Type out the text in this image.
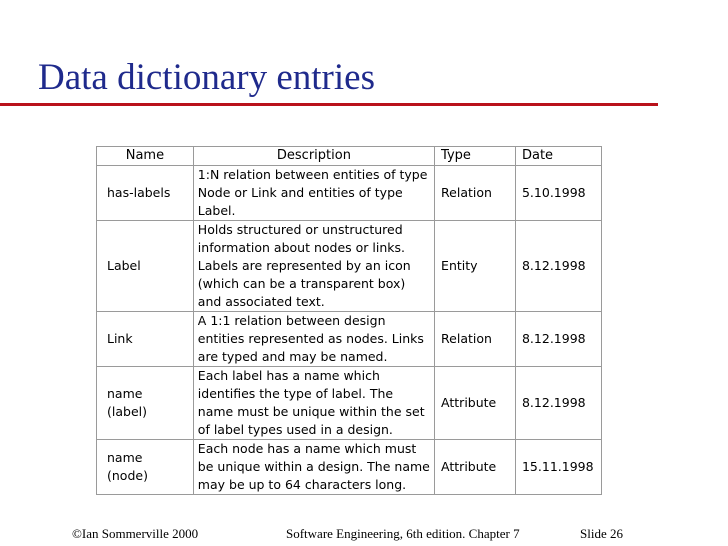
Data dictionary entries
Name	Description	Type	Date

has-labels	1:N relation between entities of type Node or Link and entities of type Label.	Relation	5.10.1998

Label	Holds structured or unstructured information about nodes or links. Labels are represented by an icon (which can be a transparent box) and associated text.	Entity	8.12.1998

Link	A 1:1 relation between design entities represented as nodes. Links are typed and may be named.	Relation	8.12.1998

name
(label)	Each label has a name which identifies the type of label. The name must be unique within the set of label types used in a design.	Attribute	8.12.1998

name
(node)	Each node has a name which must be unique within a design. The name may be up to 64 characters long.	Attribute	15.11.1998
©Ian Sommerville 2000	Software Engineering, 6th edition. Chapter 7	Slide 26
